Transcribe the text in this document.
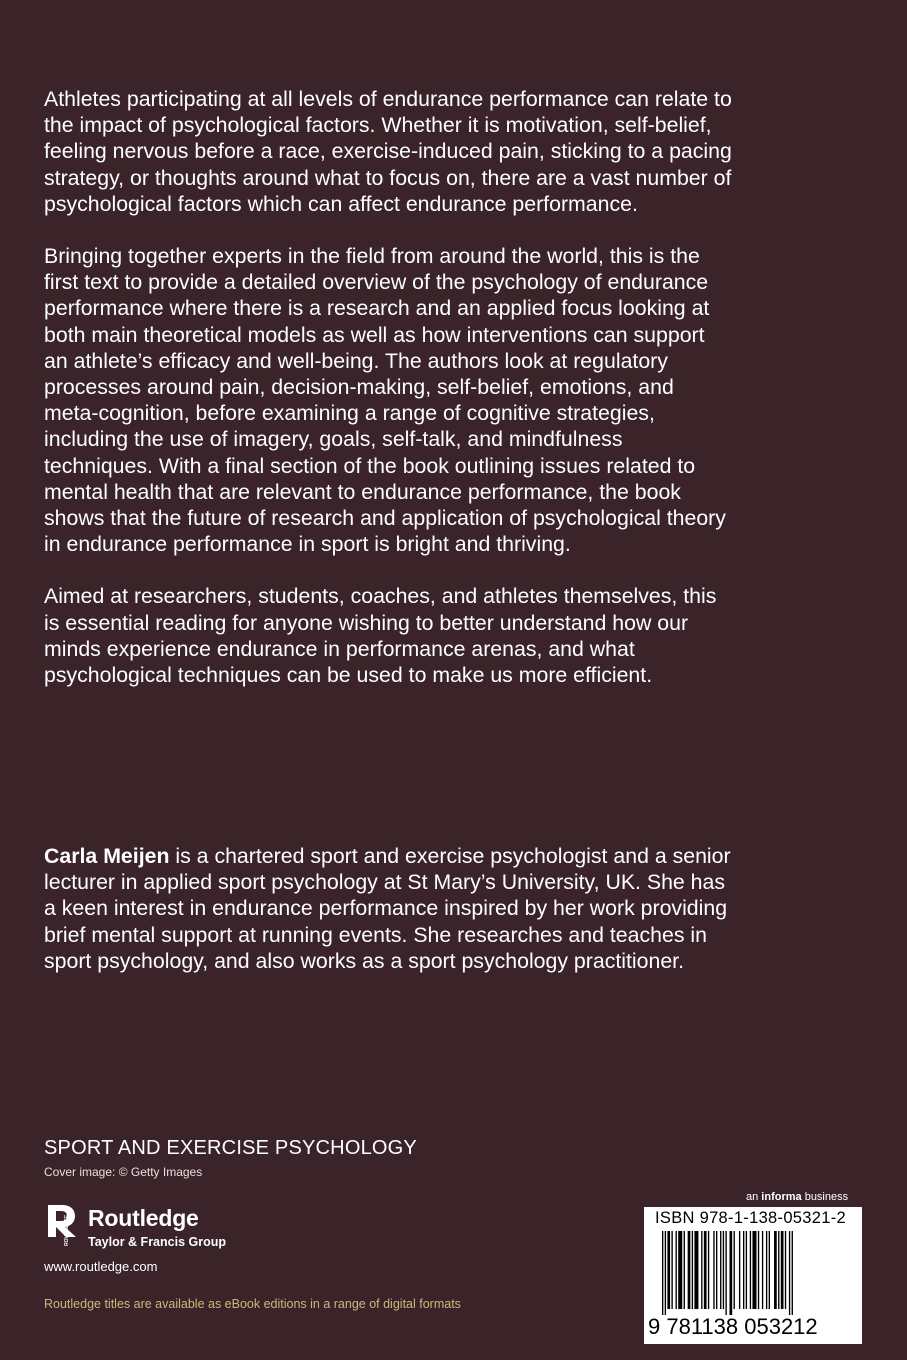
Athletes participating at all levels of endurance performance can relate to the impact of psychological factors. Whether it is motivation, self-belief, feeling nervous before a race, exercise-induced pain, sticking to a pacing strategy, or thoughts around what to focus on, there are a vast number of psychological factors which can affect endurance performance.

Bringing together experts in the field from around the world, this is the first text to provide a detailed overview of the psychology of endurance performance where there is a research and an applied focus looking at both main theoretical models as well as how interventions can support an athlete’s efficacy and well-being. The authors look at regulatory processes around pain, decision-making, self-belief, emotions, and meta-cognition, before examining a range of cognitive strategies, including the use of imagery, goals, self-talk, and mindfulness techniques. With a final section of the book outlining issues related to mental health that are relevant to endurance performance, the book shows that the future of research and application of psychological theory in endurance performance in sport is bright and thriving.

Aimed at researchers, students, coaches, and athletes themselves, this is essential reading for anyone wishing to better understand how our minds experience endurance in performance arenas, and what psychological techniques can be used to make us more efficient.

Carla Meijen is a chartered sport and exercise psychologist and a senior lecturer in applied sport psychology at St Mary’s University, UK. She has a keen interest in endurance performance inspired by her work providing brief mental support at running events. She researches and teaches in sport psychology, and also works as a sport psychology practitioner.
SPORT AND EXERCISE PSYCHOLOGY
Cover image: © Getty Images
ROUTLEDGE Routledge
Taylor & Francis Group
www.routledge.com
Routledge titles are available as eBook editions in a range of digital formats
an informa business
ISBN 978-1-138-05321-2
9 781138 053212
